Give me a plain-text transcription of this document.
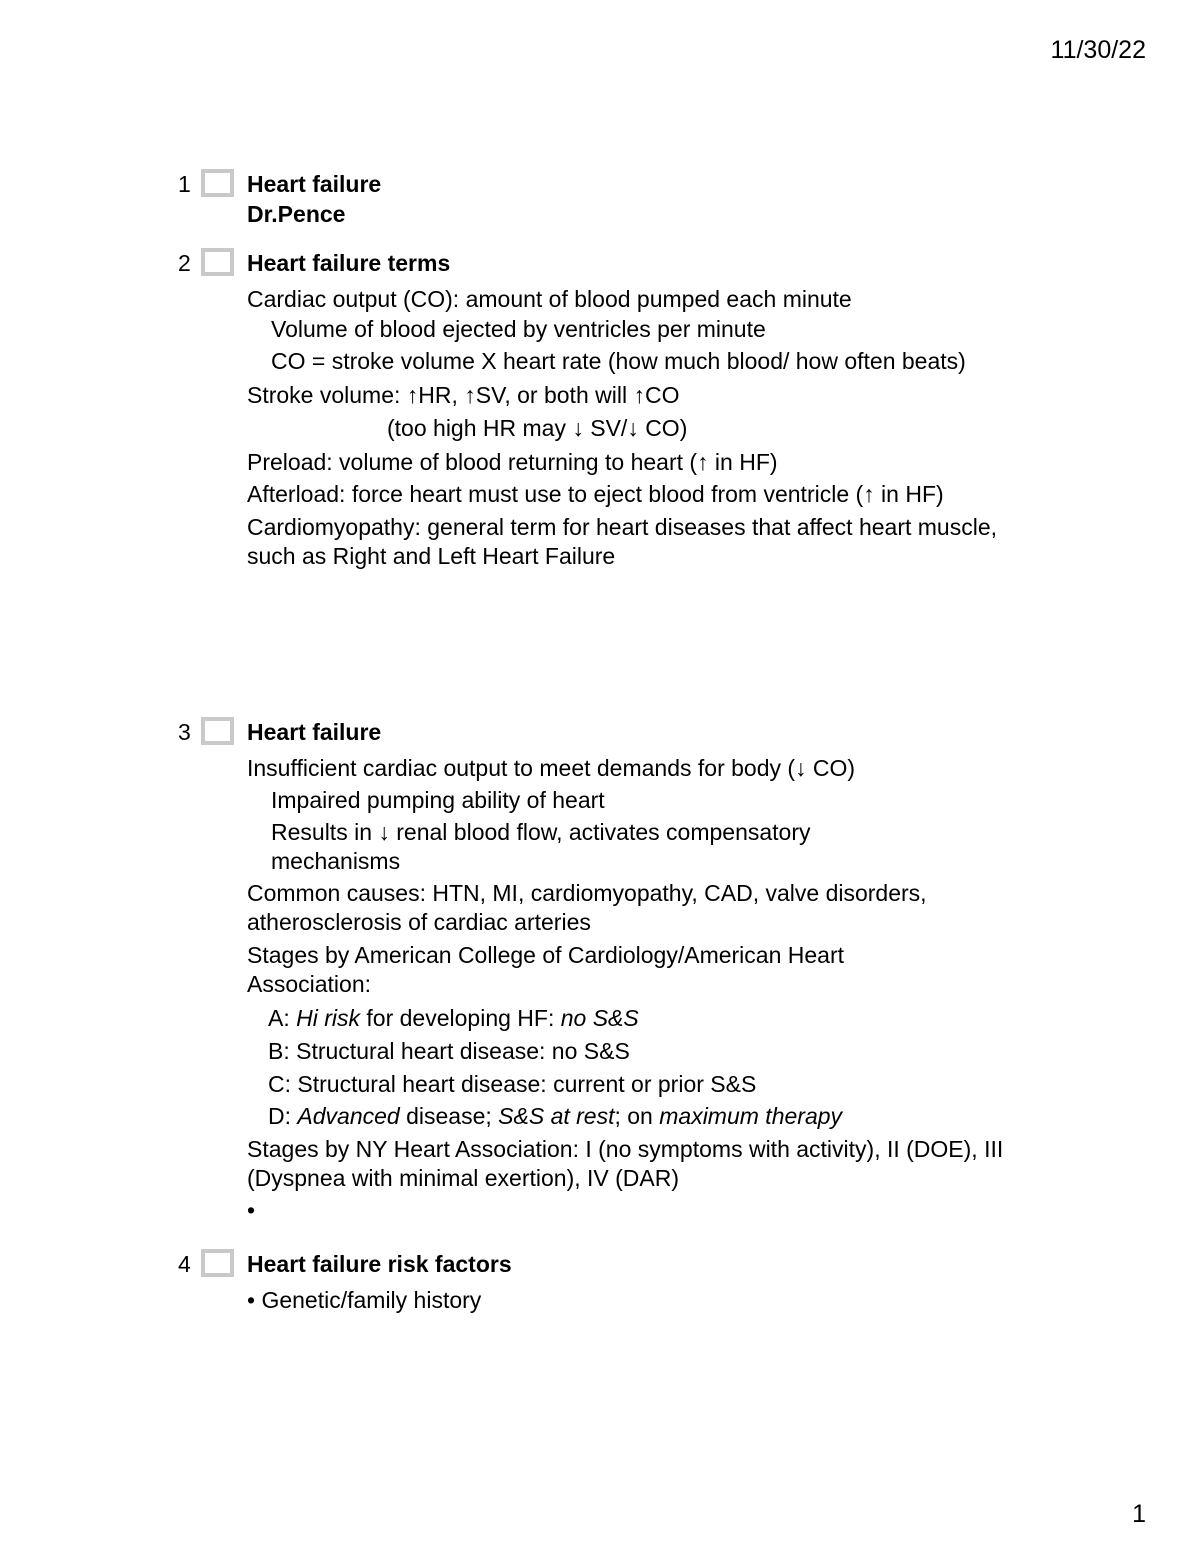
11/30/22
1 Heart failure
Dr.Pence
2 Heart failure terms
Cardiac output (CO): amount of blood pumped each minute
Volume of blood ejected by ventricles per minute
CO = stroke volume X heart rate (how much blood/ how often beats)
Stroke volume: ↑HR, ↑SV, or both will ↑CO
(too high HR may ↓ SV/↓ CO)
Preload: volume of blood returning to heart (↑ in HF)
Afterload: force heart must use to eject blood from ventricle (↑ in HF)
Cardiomyopathy: general term for heart diseases that affect heart muscle, such as Right and Left Heart Failure
3 Heart failure
Insufficient cardiac output to meet demands for body (↓ CO)
Impaired pumping ability of heart
Results in ↓ renal blood flow, activates compensatory mechanisms
Common causes: HTN, MI, cardiomyopathy, CAD, valve disorders, atherosclerosis of cardiac arteries
Stages by American College of Cardiology/American Heart Association:
A: Hi risk for developing HF: no S&S
B: Structural heart disease: no S&S
C: Structural heart disease: current or prior S&S
D: Advanced disease; S&S at rest; on maximum therapy
Stages by NY Heart Association: I (no symptoms with activity), II (DOE), III (Dyspnea with minimal exertion), IV (DAR)
•
4 Heart failure risk factors
• Genetic/family history
1
